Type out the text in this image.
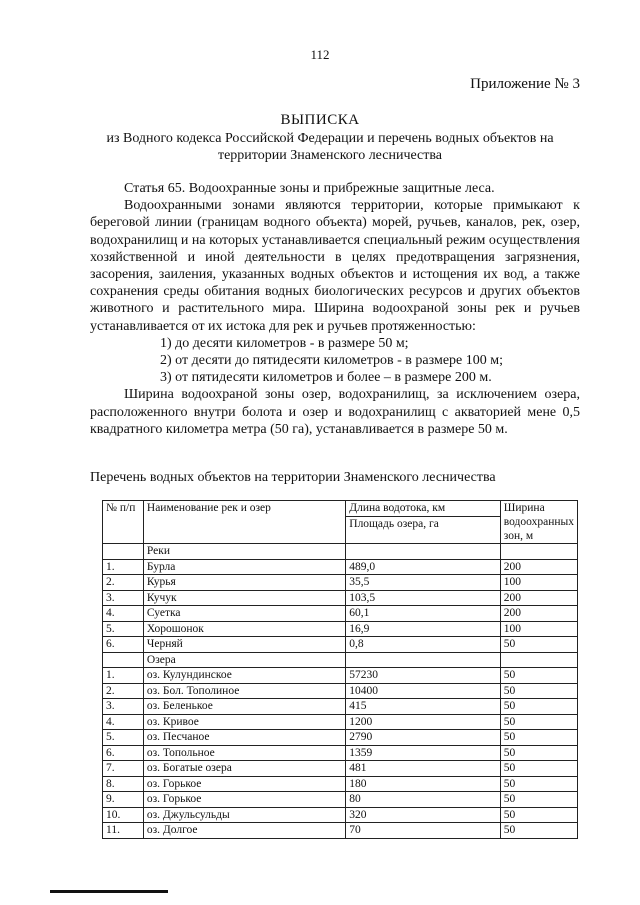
112
Приложение № 3
ВЫПИСКА
из Водного кодекса Российской Федерации и перечень водных объектов на территории Знаменского лесничества

Статья 65. Водоохранные зоны и прибрежные защитные леса.

Водоохранными зонами являются территории, которые примыкают к береговой линии (границам водного объекта) морей, ручьев, каналов, рек, озер, водохранилищ и на которых устанавливается специальный режим осуществления хозяйственной и иной деятельности в целях предотвращения загрязнения, засорения, заиления, указанных водных объектов и истощения их вод, а также сохранения среды обитания водных биологических ресурсов и других объектов животного и растительного мира. Ширина водоохраной зоны рек и ручьев устанавливается от их истока для рек и ручьев протяженностью:

1) до десяти километров - в размере 50 м;

2) от десяти до пятидесяти километров - в размере 100 м;

3) от пятидесяти километров и более – в размере 200 м.

Ширина водоохраной зоны озер, водохранилищ, за исключением озера, расположенного внутри болота и озер и водохранилищ с акваторией мене 0,5 квадратного километра метра (50 га), устанавливается в размере 50 м.

Перечень водных объектов на территории Знаменского лесничества
№ п/п	Наименование рек и озер	Длина водотока, км	Ширина водоохранных зон, м
		Площадь озера, га	
	Реки		
1.	Бурла	489,0	200
2.	Курья	35,5	100
3.	Кучук	103,5	200
4.	Суетка	60,1	200
5.	Хорошонок	16,9	100
6.	Черняй	0,8	50
	Озера		
1.	оз. Кулундинское	57230	50
2.	оз. Бол. Тополиное	10400	50
3.	оз. Беленькое	415	50
4.	оз. Кривое	1200	50
5.	оз. Песчаное	2790	50
6.	оз. Топольное	1359	50
7.	оз. Богатые озера	481	50
8.	оз. Горькое	180	50
9.	оз. Горькое	80	50
10.	оз. Джульсульды	320	50
11.	оз. Долгое	70	50
